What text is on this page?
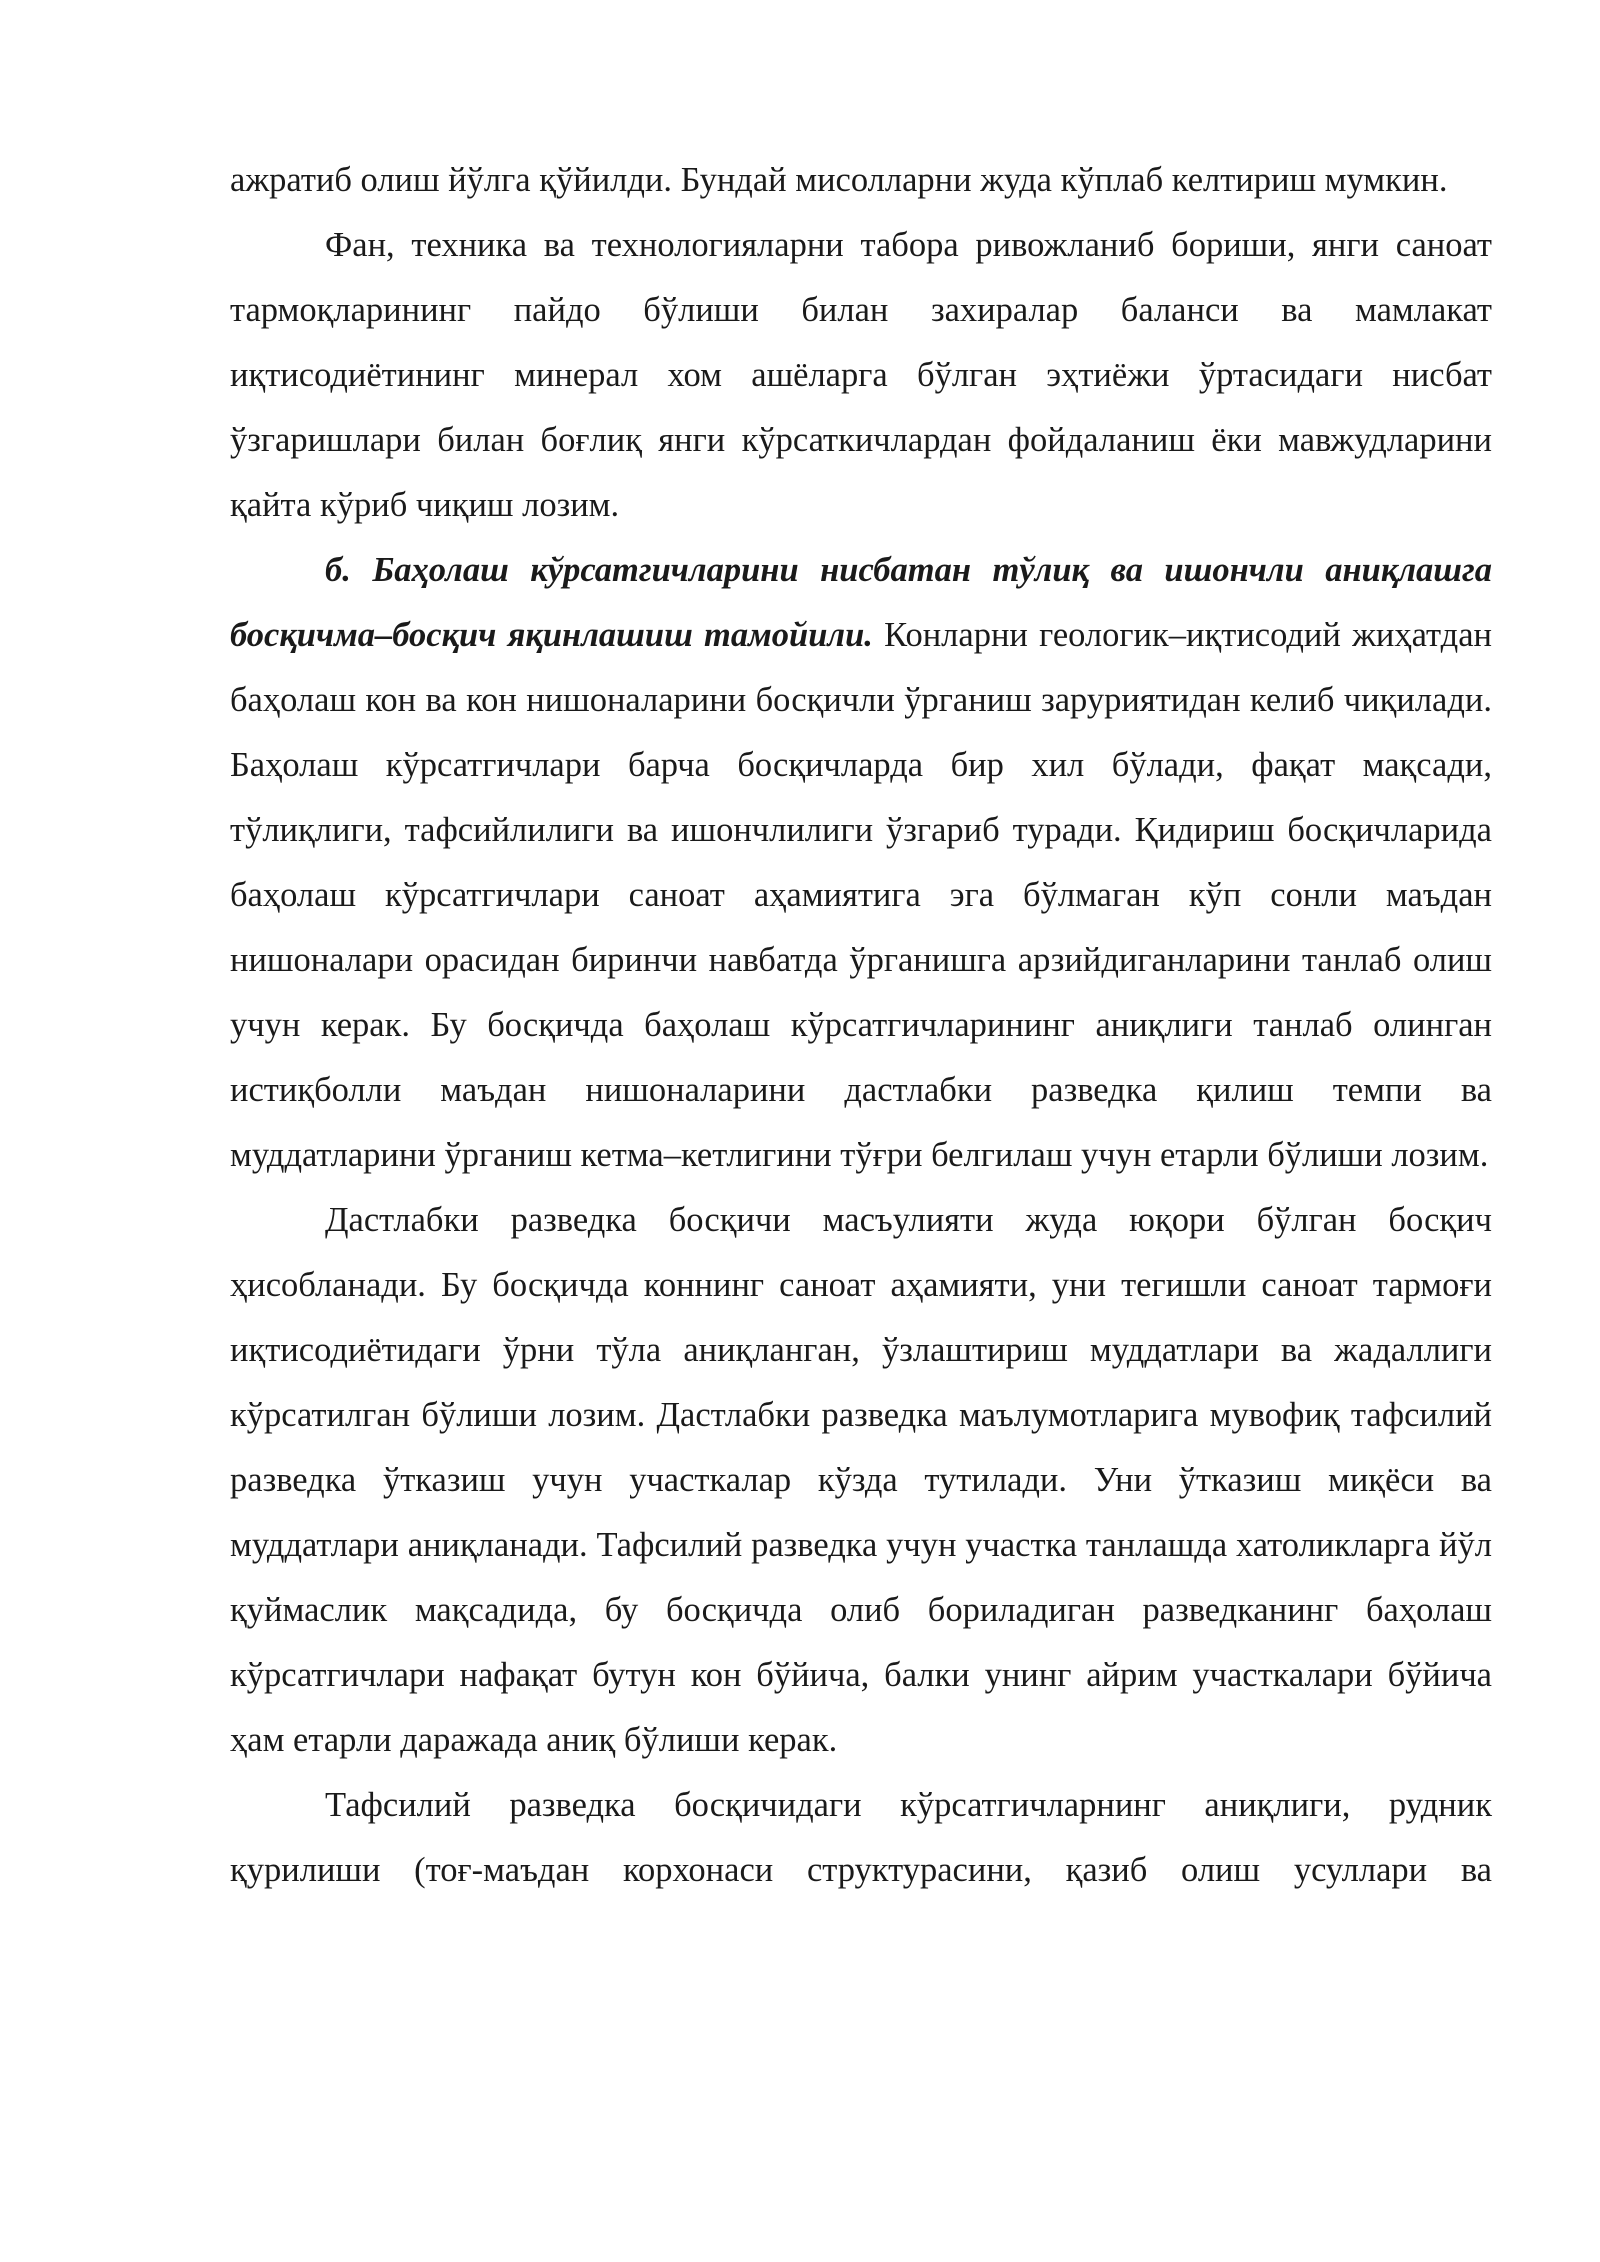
ажратиб олиш йўлга қўйилди. Бундай мисолларни жуда кўплаб келтириш мумкин.

Фан, техника ва технологияларни табора ривожланиб бориши, янги саноат тармоқларининг пайдо бўлиши билан захиралар баланси ва мамлакат иқтисодиётининг минерал хом ашёларга бўлган эҳтиёжи ўртасидаги нисбат ўзгаришлари билан боғлиқ янги кўрсаткичлардан фойдаланиш ёки мавжудларини қайта кўриб чиқиш лозим.

б. Баҳолаш кўрсатгичларини нисбатан тўлиқ ва ишончли аниқлашга босқичма–босқич яқинлашиш тамойили. Конларни геологик–иқтисодий жиҳатдан баҳолаш кон ва кон нишоналарини босқичли ўрганиш заруриятидан келиб чиқилади. Баҳолаш кўрсатгичлари барча босқичларда бир хил бўлади, фақат мақсади, тўлиқлиги, тафсийлилиги ва ишончлилиги ўзгариб туради. Қидириш босқичларида баҳолаш кўрсатгичлари саноат аҳамиятига эга бўлмаган кўп сонли маъдан нишоналари орасидан биринчи навбатда ўрганишга арзийдиганларини танлаб олиш учун керак. Бу босқичда баҳолаш кўрсатгичларининг аниқлиги танлаб олинган истиқболли маъдан нишоналарини дастлабки разведка қилиш темпи ва муддатларини ўрганиш кетма–кетлигини тўғри белгилаш учун етарли бўлиши лозим.

Дастлабки разведка босқичи масъулияти жуда юқори бўлган босқич ҳисобланади. Бу босқичда коннинг саноат аҳамияти, уни тегишли саноат тармоғи иқтисодиётидаги ўрни тўла аниқланган, ўзлаштириш муддатлари ва жадаллиги кўрсатилган бўлиши лозим. Дастлабки разведка маълумотларига мувофиқ тафсилий разведка ўтказиш учун участкалар кўзда тутилади. Уни ўтказиш миқёси ва муддатлари аниқланади. Тафсилий разведка учун участка танлашда хатоликларга йўл қуймаслик мақсадида, бу босқичда олиб бориладиган разведканинг баҳолаш кўрсатгичлари нафақат бутун кон бўйича, балки унинг айрим участкалари бўйича ҳам етарли даражада аниқ бўлиши керак.

Тафсилий разведка босқичидаги кўрсатгичларнинг аниқлиги, рудник қурилиши (тоғ-маъдан корхонаси структурасини, қазиб олиш усуллари ва
